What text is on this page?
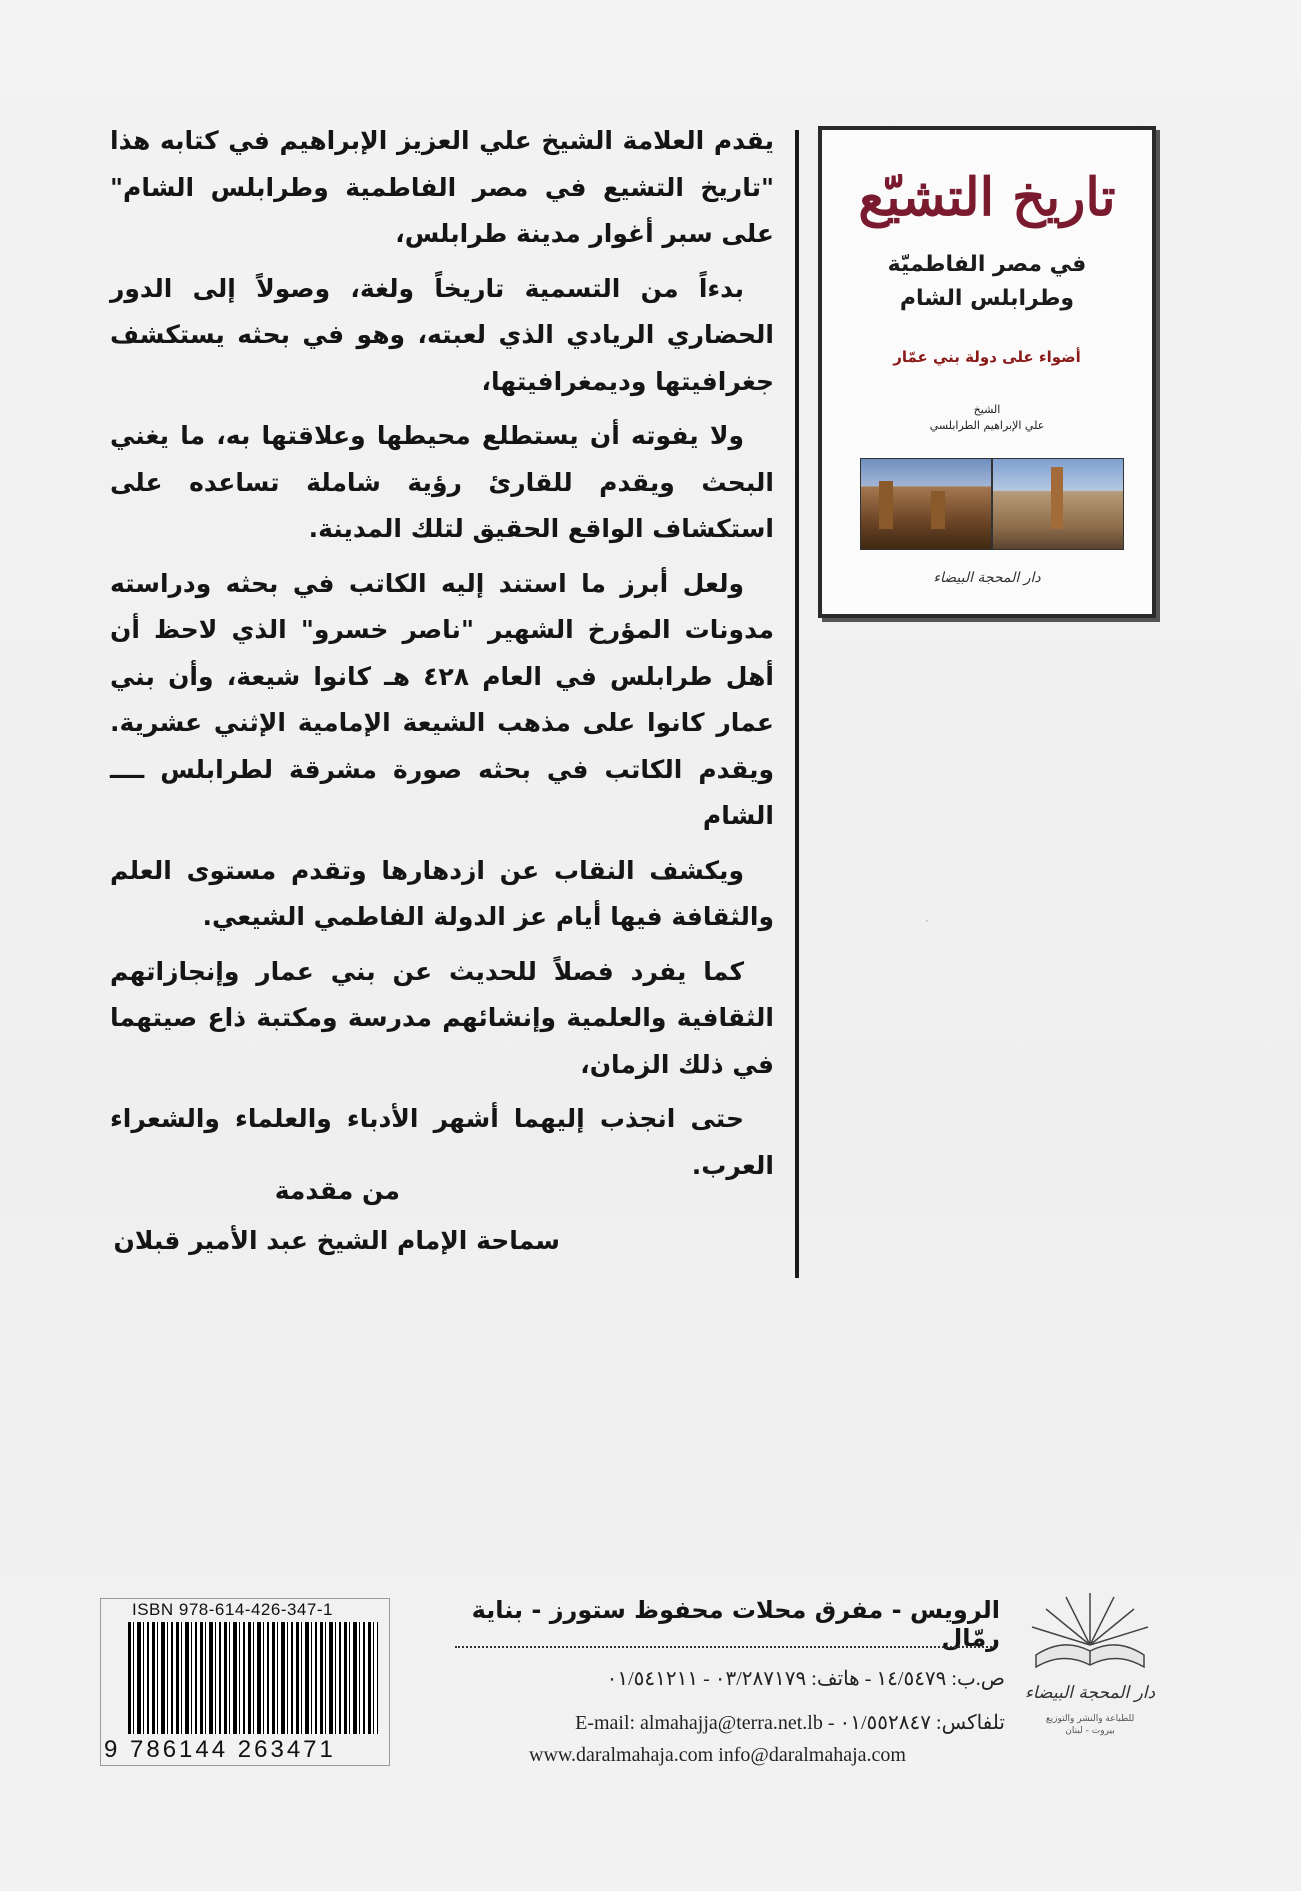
يقدم العلامة الشيخ علي العزيز الإبراهيم في كتابه هذا "تاريخ التشيع في مصر الفاطمية وطرابلس الشام" على سبر أغوار مدينة طرابلس،

بدءاً من التسمية تاريخاً ولغة، وصولاً إلى الدور الحضاري الريادي الذي لعبته، وهو في بحثه يستكشف جغرافيتها وديمغرافيتها،

ولا يفوته أن يستطلع محيطها وعلاقتها به، ما يغني البحث ويقدم للقارئ رؤية شاملة تساعده على استكشاف الواقع الحقيق لتلك المدينة.

ولعل أبرز ما استند إليه الكاتب في بحثه ودراسته مدونات المؤرخ الشهير "ناصر خسرو" الذي لاحظ أن أهل طرابلس في العام ٤٢٨ هـ كانوا شيعة، وأن بني عمار كانوا على مذهب الشيعة الإمامية الإثني عشرية. ويقدم الكاتب في بحثه صورة مشرقة لطرابلس ــــ الشام

ويكشف النقاب عن ازدهارها وتقدم مستوى العلم والثقافة فيها أيام عز الدولة الفاطمي الشيعي.

كما يفرد فصلاً للحديث عن بني عمار وإنجازاتهم الثقافية والعلمية وإنشائهم مدرسة ومكتبة ذاع صيتهما في ذلك الزمان،

حتى انجذب إليهما أشهر الأدباء والعلماء والشعراء العرب.

من مقدمة
سماحة الإمام الشيخ عبد الأمير قبلان
تاريخ التشيّع
في مصر الفاطميّة
وطرابلس الشام
أضواء على دولة بني عمّار
الشيخ
علي الإبراهيم الطرابلسي
دار المحجة البيضاء
·
ISBN 978-614-426-347-1
9 786144 263471
الرويس - مفرق محلات محفوظ ستورز - بناية رمّال
ص.ب: ١٤/٥٤٧٩ - هاتف: ٠٣/٢٨٧١٧٩ - ٠١/٥٤١٢١١
تلفاكس: ٠١/٥٥٢٨٤٧ - E-mail: almahajja@terra.net.lb
www.daralmahaja.com info@daralmahaja.com
دار المحجة البيضاء
للطباعة والنشر والتوزيع
بيروت - لبنان
